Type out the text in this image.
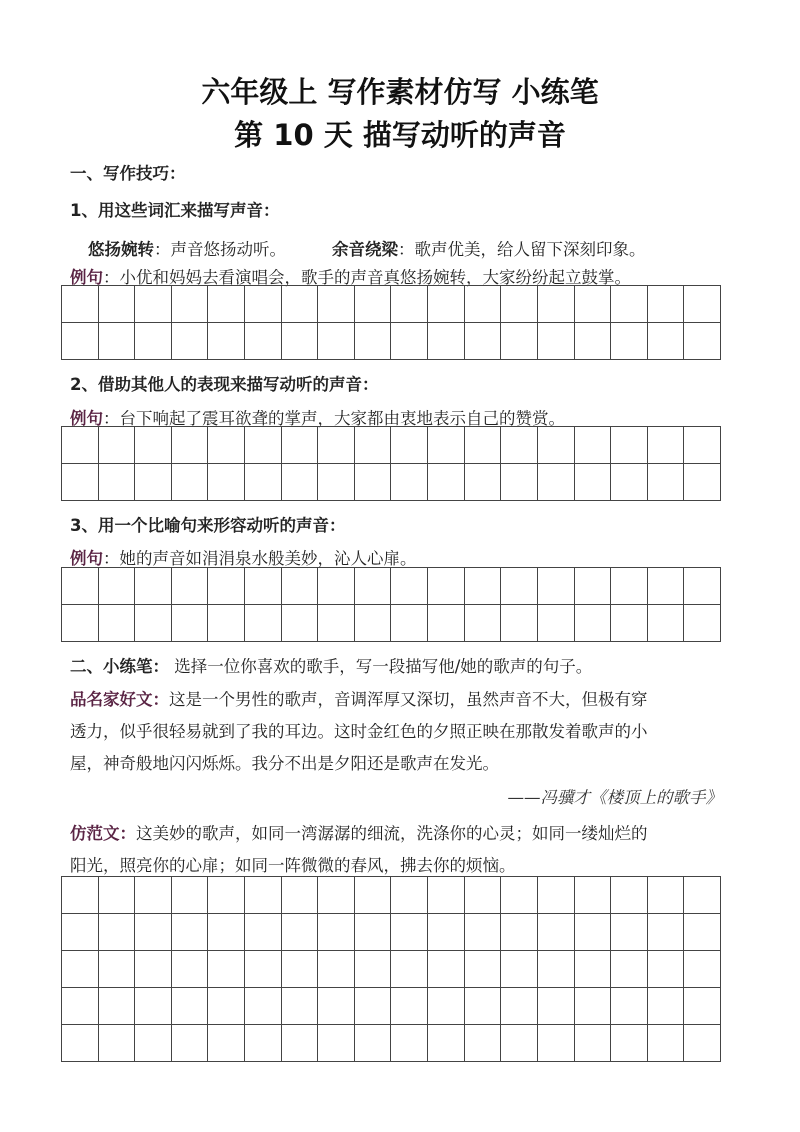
六年级上 写作素材仿写 小练笔
第 10 天 描写动听的声音
一、写作技巧：
1、用这些词汇来描写声音：
悠扬婉转：声音悠扬动听。	余音绕梁：歌声优美，给人留下深刻印象。
例句：小优和妈妈去看演唱会，歌手的声音真悠扬婉转，大家纷纷起立鼓掌。
2、借助其他人的表现来描写动听的声音：
例句：台下响起了震耳欲聋的掌声，大家都由衷地表示自己的赞赏。
3、用一个比喻句来形容动听的声音：
例句：她的声音如涓涓泉水般美妙，沁人心扉。
二、小练笔： 选择一位你喜欢的歌手，写一段描写他/她的歌声的句子。
品名家好文：这是一个男性的歌声，音调浑厚又深切，虽然声音不大，但极有穿
透力，似乎很轻易就到了我的耳边。这时金红色的夕照正映在那散发着歌声的小
屋，神奇般地闪闪烁烁。我分不出是夕阳还是歌声在发光。
——冯骥才《楼顶上的歌手》
仿范文：这美妙的歌声，如同一湾潺潺的细流，洗涤你的心灵；如同一缕灿烂的
阳光，照亮你的心扉；如同一阵微微的春风，拂去你的烦恼。
